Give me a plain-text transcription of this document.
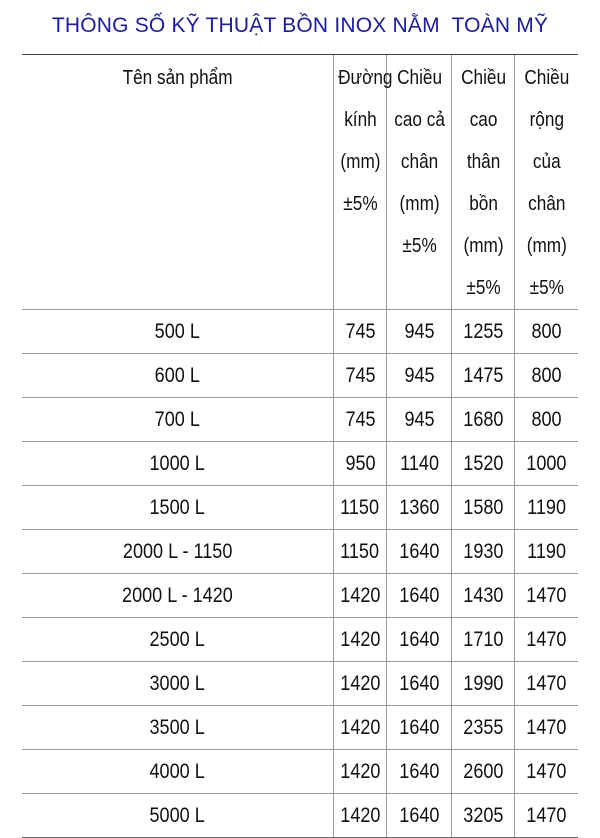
THÔNG SỐ KỸ THUẬT BỒN INOX NẰM  TOÀN MỸ
Tên sản phẩm	Đường kính (mm) ±5%	Chiều cao cả chân (mm) ±5%	Chiều cao thân bồn (mm) ±5%	Chiều rộng của chân (mm) ±5%
500 L	745	945	1255	800
600 L	745	945	1475	800
700 L	745	945	1680	800
1000 L	950	1140	1520	1000
1500 L	1150	1360	1580	1190
2000 L - 1150	1150	1640	1930	1190
2000 L - 1420	1420	1640	1430	1470
2500 L	1420	1640	1710	1470
3000 L	1420	1640	1990	1470
3500 L	1420	1640	2355	1470
4000 L	1420	1640	2600	1470
5000 L	1420	1640	3205	1470
